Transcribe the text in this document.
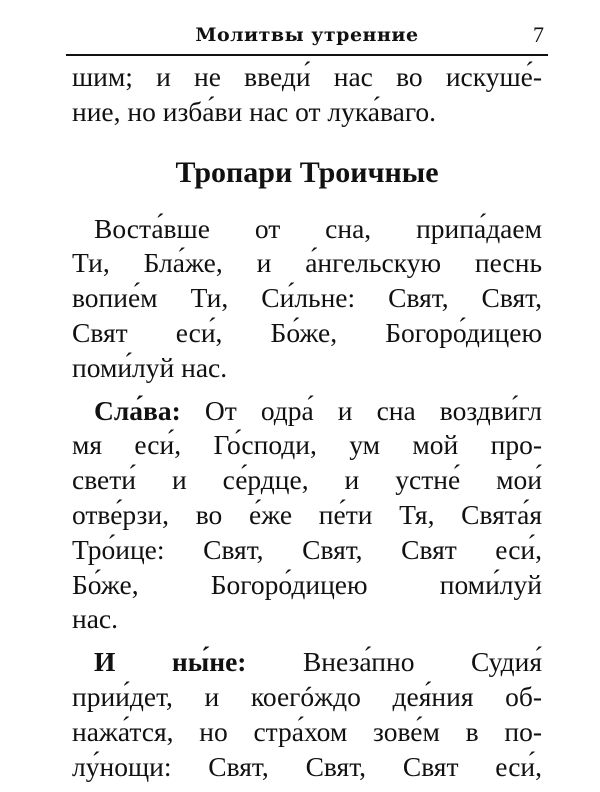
Молитвы утренние	7
шим; и не введи́ нас во искуше́-
ние, но изба́ви нас от лука́ваго.
Тропари Троичные
Воста́вше от сна, припа́даем
Ти, Бла́же, и а́нгельскую песнь
вопие́м Ти, Си́льне: Свят, Свят,
Свят еси́, Бо́же, Богоро́дицею
поми́луй нас.
Сла́ва: От одра́ и сна воздви́гл
мя еси́, Го́споди, ум мой про-
свети́ и се́рдце, и устне́ мои́
отве́рзи, во е́же пе́ти Тя, Свята́я
Тро́ице: Свят, Свят, Свят еси́,
Бо́же, Богоро́дицею поми́луй
нас.
И ны́не: Внеза́пно Судия́
прии́дет, и коегóждо дея́ния об-
нажа́тся, но стра́хом зове́м в по-
лу́нощи: Свят, Свят, Свят еси́,
